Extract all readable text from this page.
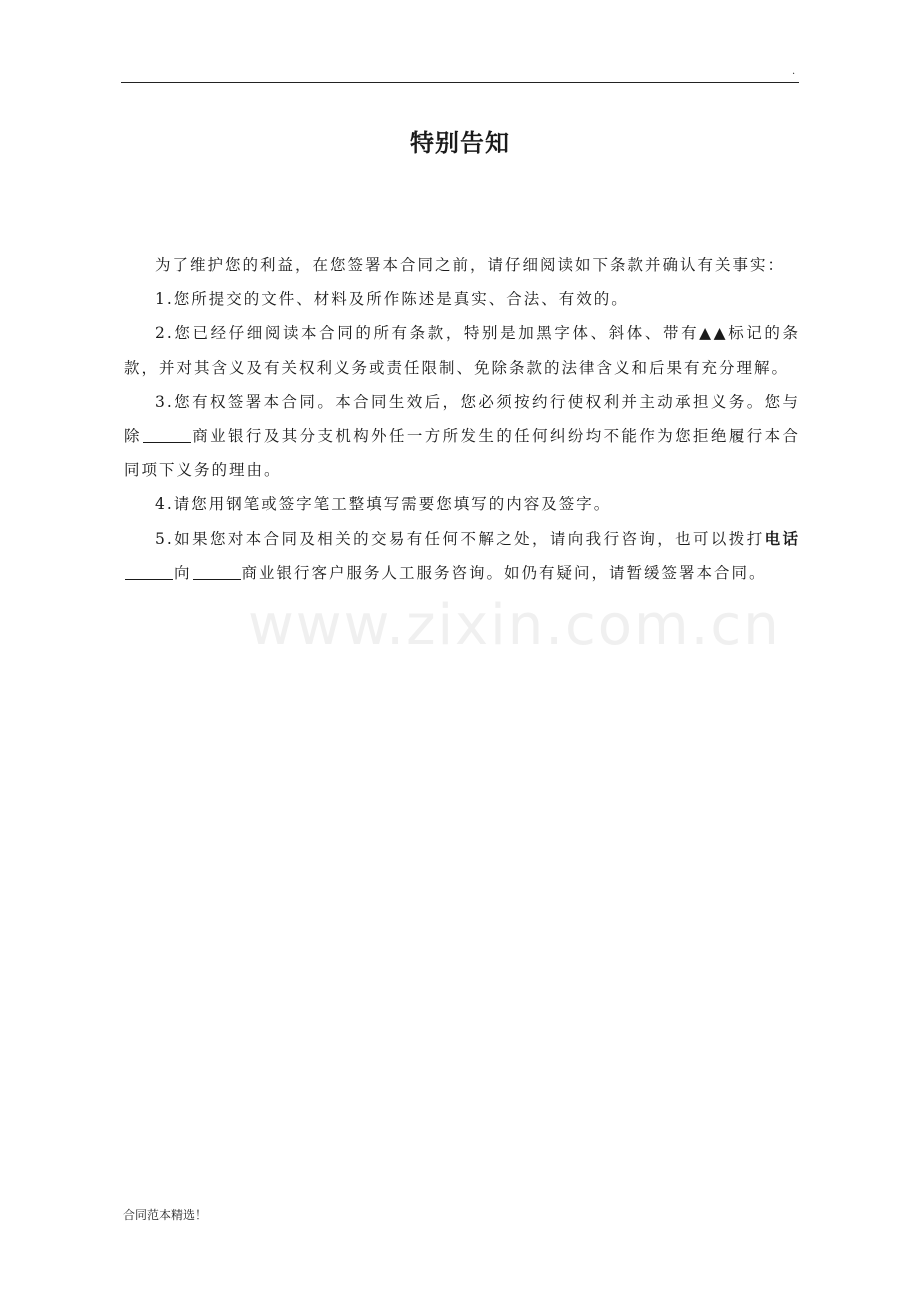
.
www.zixin.com.cn
特别告知

为了维护您的利益，在您签署本合同之前，请仔细阅读如下条款并确认有关事实：

1.您所提交的文件、材料及所作陈述是真实、合法、有效的。

2.您已经仔细阅读本合同的所有条款，特别是加黑字体、斜体、带有▲▲标记的条款，并对其含义及有关权利义务或责任限制、免除条款的法律含义和后果有充分理解。

3.您有权签署本合同。本合同生效后，您必须按约行使权利并主动承担义务。您与除	商业银行及其分支机构外任一方所发生的任何纠纷均不能作为您拒绝履行本合同项下义务的理由。

4.请您用钢笔或签字笔工整填写需要您填写的内容及签字。

5.如果您对本合同及相关的交易有任何不解之处，请向我行咨询，也可以拨打电话向	商业银行客户服务人工服务咨询。如仍有疑问，请暂缓签署本合同。

合同范本精选！
